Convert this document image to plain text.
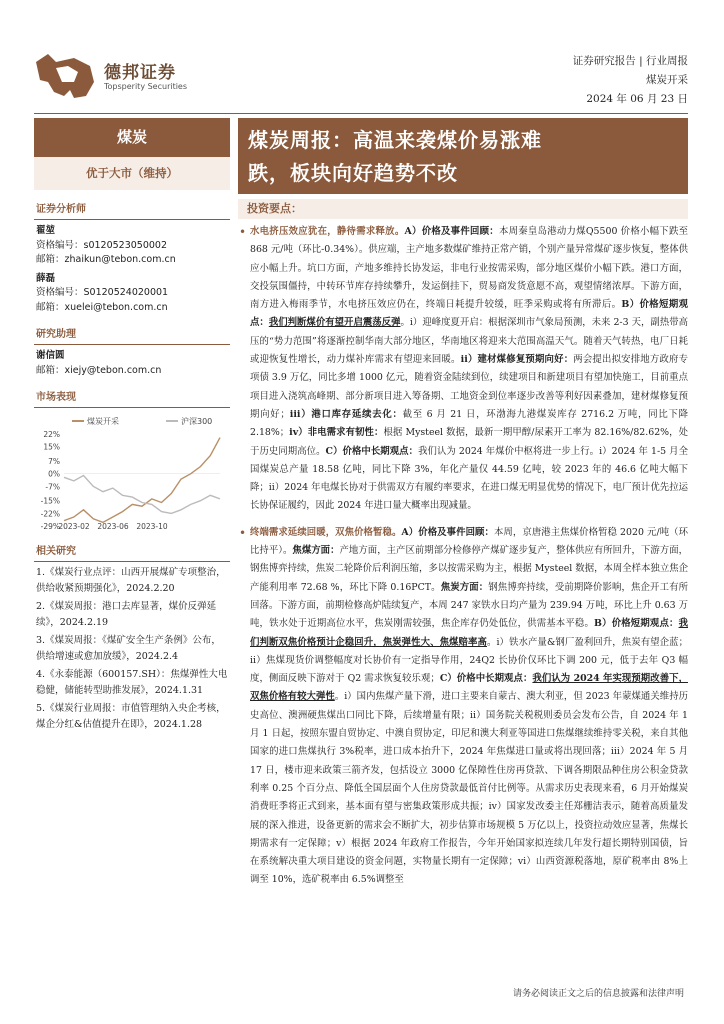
德邦证券
Topsperity Securities
证券研究报告 | 行业周报
煤炭开采
2024 年 06 月 23 日
煤炭
优于大市（维持）
证券分析师
翟堃
资格编号：s0120523050002
邮箱：zhaikun@tebon.com.cn
薛磊
资格编号：S0120524020001
邮箱：xuelei@tebon.com.cn
研究助理
谢信圆
邮箱：xiejy@tebon.com.cn
市场表现
22%
15%
7%
0%
-7%
-15%
-22%
-29%
2023-02 2023-06 2023-10
煤炭开采	沪深300
相关研究
1.《煤炭行业点评：山西开展煤矿专项整治，供给收紧预期强化》，2024.2.20
2.《煤炭周报：港口去库显著，煤价反弹延续》，2024.2.19
3.《煤炭周报：《煤矿安全生产条例》公布，供给增速或愈加放缓》，2024.2.4
4.《永泰能源（600157.SH）：焦煤弹性大电稳健，储能转型助推发展》，2024.1.31
5.《煤炭行业周报：市值管理纳入央企考核，煤企分红&估值提升在即》，2024.1.28
煤炭周报：高温来袭煤价易涨难
跌，板块向好趋势不改
投资要点：

• 水电挤压效应犹在，静待需求释放。A）价格及事件回顾：本周秦皇岛港动力煤Q5500 价格小幅下跌至 868 元/吨（环比-0.34%）。供应端，主产地多数煤矿维持正常产销，个别产量异常煤矿逐步恢复，整体供应小幅上升。坑口方面，产地多维持长协发运，非电行业按需采购，部分地区煤价小幅下跌。港口方面，交投氛围僵持，中转环节库存持续攀升，发运倒挂下，贸易商发货意愿不高，观望情绪浓厚。下游方面，南方进入梅雨季节，水电挤压效应仍在，终端日耗提升较缓，旺季采购或将有所滞后。B）价格短期观点：我们判断煤价有望开启震荡反弹。i）迎峰度夏开启：根据深圳市气象局预测，未来 2-3 天，副热带高压的“势力范围”将逐渐控制华南大部分地区，华南地区将迎来大范围高温天气。随着天气转热，电厂日耗或迎恢复性增长，动力煤补库需求有望迎来回暖。ii）建材煤修复预期向好：两会提出拟安排地方政府专项债 3.9 万亿，同比多增 1000 亿元，随着资金陆续到位，续建项目和新建项目有望加快施工，目前重点项目进入浇筑高峰期、部分新项目进入筹备期、工地资金到位率逐步改善等利好因素叠加，建材煤修复预期向好；iii）港口库存延续去化：截至 6 月 21 日，环渤海九港煤炭库存 2716.2 万吨，同比下降 2.18%；iv）非电需求有韧性：根据 Mysteel 数据，最新一期甲醇/尿素开工率为 82.16%/82.62%，处于历史同期高位。C）价格中长期观点：我们认为 2024 年煤价中枢将进一步上行。i）2024 年 1-5 月全国煤炭总产量 18.58 亿吨，同比下降 3%，年化产量仅 44.59 亿吨，较 2023 年的 46.6 亿吨大幅下降；ii）2024 年电煤长协对于供需双方有履约率要求，在进口煤无明显优势的情况下，电厂预计优先拉运长协保证履约，因此 2024 年进口量大概率出现减量。

• 终端需求延续回暖，双焦价格暂稳。A）价格及事件回顾：本周，京唐港主焦煤价格暂稳 2020 元/吨（环比持平）。焦煤方面：产地方面，主产区前期部分检修停产煤矿逐步复产，整体供应有所回升，下游方面，钢焦博弈持续，焦炭二轮降价后利润压缩，多以按需采购为主，根据 Mysteel 数据，本周全样本独立焦企产能利用率 72.68 %，环比下降 0.16PCT。焦炭方面：钢焦博弈持续，受前期降价影响，焦企开工有所回落。下游方面，前期检修高炉陆续复产，本周 247 家铁水日均产量为 239.94 万吨，环比上升 0.63 万吨，铁水处于近期高位水平，焦炭刚需较强，焦企库存仍处低位，供需基本平稳。B）价格短期观点：我们判断双焦价格预计企稳回升，焦炭弹性大、焦煤赔率高。i）铁水产量&钢厂盈利回升，焦炭有望企蓝；ii）焦煤现货价调整幅度对长协价有一定指导作用，24Q2 长协价仅环比下调 200 元，低于去年 Q3 幅度，侧面反映下游对于 Q2 需求恢复较乐观；C）价格中长期观点：我们认为 2024 年实现预期改善下，双焦价格有较大弹性。i）国内焦煤产量下滑，进口主要来自蒙古、澳大利亚，但 2023 年蒙煤通关维持历史高位、澳洲硬焦煤出口同比下降，后续增量有限；ii）国务院关税税则委员会发布公告，自 2024 年 1 月 1 日起，按照东盟自贸协定、中澳自贸协定，印尼和澳大利亚等国进口焦煤继续维持零关税，来自其他国家的进口焦煤执行 3%税率，进口成本抬升下，2024 年焦煤进口量或将出现回落；iii）2024 年 5 月 17 日，楼市迎来政策三箭齐发，包括设立 3000 亿保障性住房再贷款、下调各期限品种住房公积金贷款利率 0.25 个百分点、降低全国层面个人住房贷款最低首付比例等。从需求历史表现来看，6 月开始煤炭消费旺季将正式到来，基本面有望与密集政策形成共振；iv）国家发改委主任郑栅洁表示，随着高质量发展的深入推进，设备更新的需求会不断扩大，初步估算市场规模 5 万亿以上，投资拉动效应显著，焦煤长期需求有一定保障；v）根据 2024 年政府工作报告，今年开始国家拟连续几年发行超长期特别国债，旨在系统解决重大项目建设的资金问题，实物量长期有一定保障；vi）山西资源税落地，原矿税率由 8%上调至 10%，选矿税率由 6.5%调整至

请务必阅读正文之后的信息披露和法律声明
